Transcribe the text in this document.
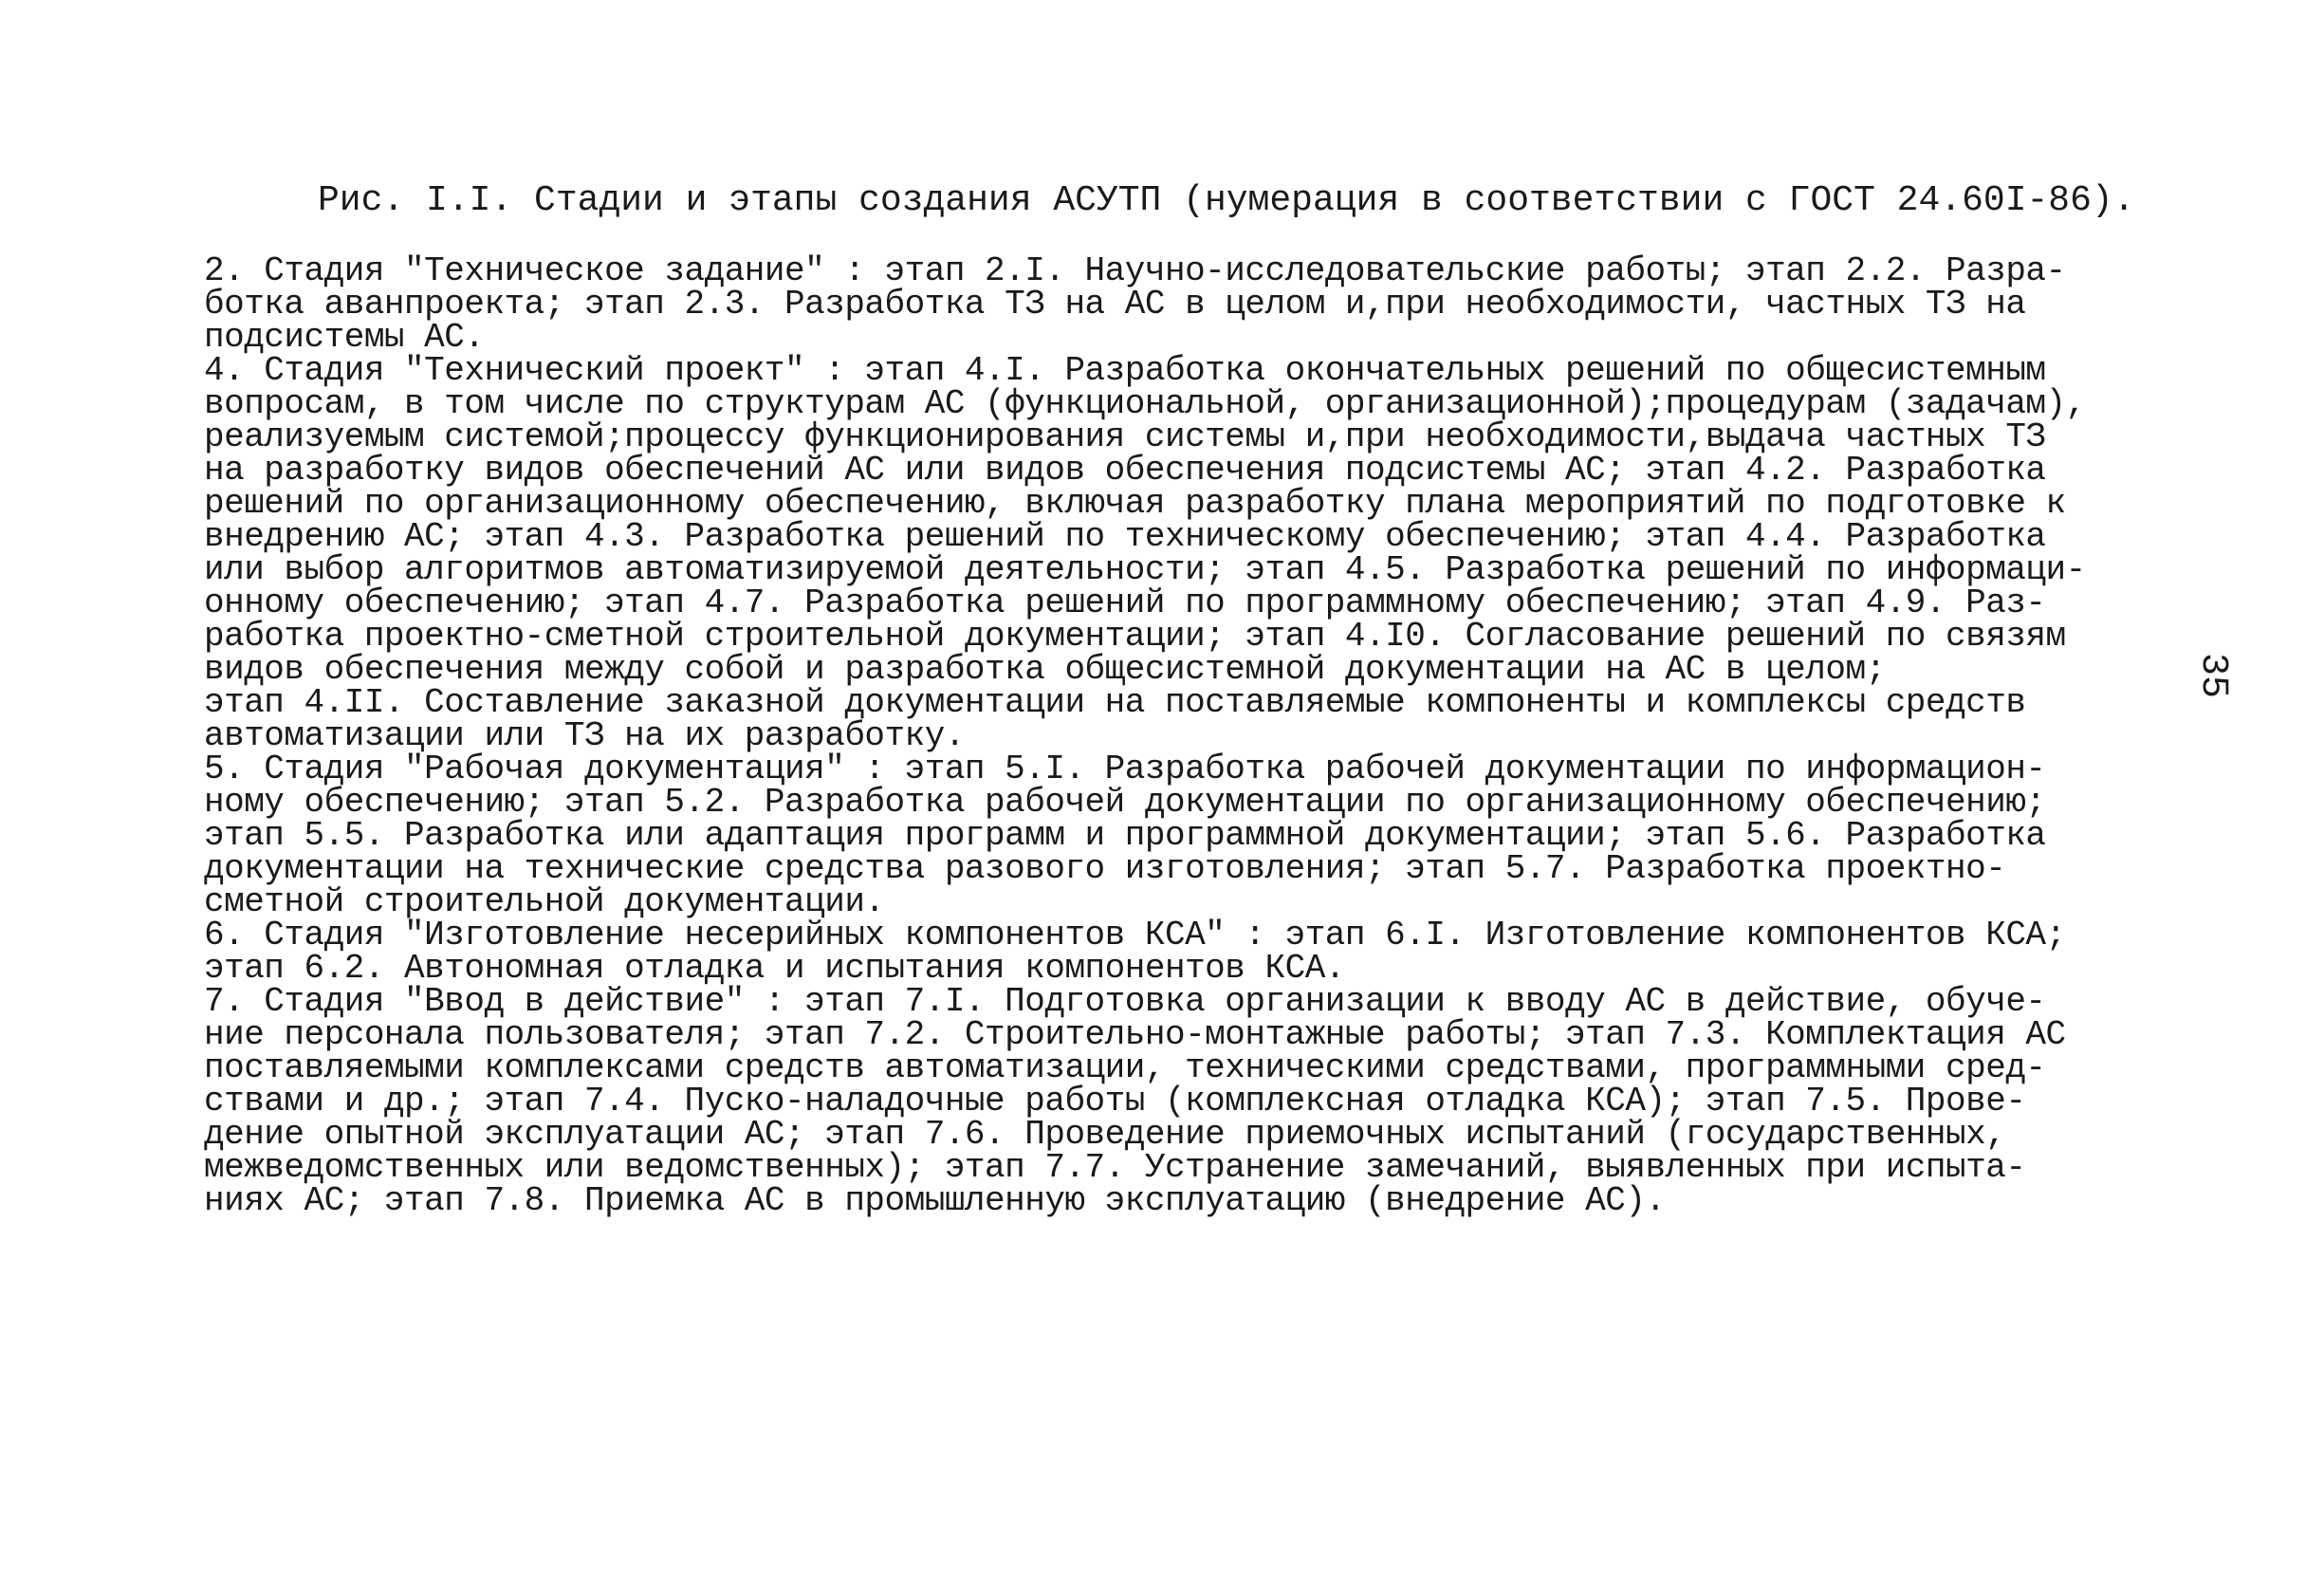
Рис. I.I. Стадии и этапы создания АСУТП (нумерация в соответствии с ГОСТ 24.60I-86).
2. Стадия "Техническое задание" : этап 2.I. Научно-исследовательские работы; этап 2.2. Разра-
ботка аванпроекта; этап 2.3. Разработка ТЗ на АС в целом и,при необходимости, частных ТЗ на
подсистемы АС.
4. Стадия "Технический проект" : этап 4.I. Разработка окончательных решений по общесистемным
вопросам, в том числе по структурам АС (функциональной, организационной);процедурам (задачам),
реализуемым системой;процессу функционирования системы и,при необходимости,выдача частных ТЗ
на разработку видов обеспечений АС или видов обеспечения подсистемы АС; этап 4.2. Разработка
решений по организационному обеспечению, включая разработку плана мероприятий по подготовке к
внедрению АС; этап 4.3. Разработка решений по техническому обеспечению; этап 4.4. Разработка
или выбор алгоритмов автоматизируемой деятельности; этап 4.5. Разработка решений по информаци-
онному обеспечению; этап 4.7. Разработка решений по программному обеспечению; этап 4.9. Раз-
работка проектно-сметной строительной документации; этап 4.I0. Согласование решений по связям
видов обеспечения между собой и разработка общесистемной документации на АС в целом;
этап 4.II. Составление заказной документации на поставляемые компоненты и комплексы средств
автоматизации или ТЗ на их разработку.
5. Стадия "Рабочая документация" : этап 5.I. Разработка рабочей документации по информацион-
ному обеспечению; этап 5.2. Разработка рабочей документации по организационному обеспечению;
этап 5.5. Разработка или адаптация программ и программной документации; этап 5.6. Разработка
документации на технические средства разового изготовления; этап 5.7. Разработка проектно-
сметной строительной документации.
6. Стадия "Изготовление несерийных компонентов КСА" : этап 6.I. Изготовление компонентов КСА;
этап 6.2. Автономная отладка и испытания компонентов КСА.
7. Стадия "Ввод в действие" : этап 7.I. Подготовка организации к вводу АС в действие, обуче-
ние персонала пользователя; этап 7.2. Строительно-монтажные работы; этап 7.3. Комплектация АС
поставляемыми комплексами средств автоматизации, техническими средствами, программными сред-
ствами и др.; этап 7.4. Пуско-наладочные работы (комплексная отладка КСА); этап 7.5. Прове-
дение опытной эксплуатации АС; этап 7.6. Проведение приемочных испытаний (государственных,
межведомственных или ведомственных); этап 7.7. Устранение замечаний, выявленных при испыта-
ниях АС; этап 7.8. Приемка АС в промышленную эксплуатацию (внедрение АС).
35
